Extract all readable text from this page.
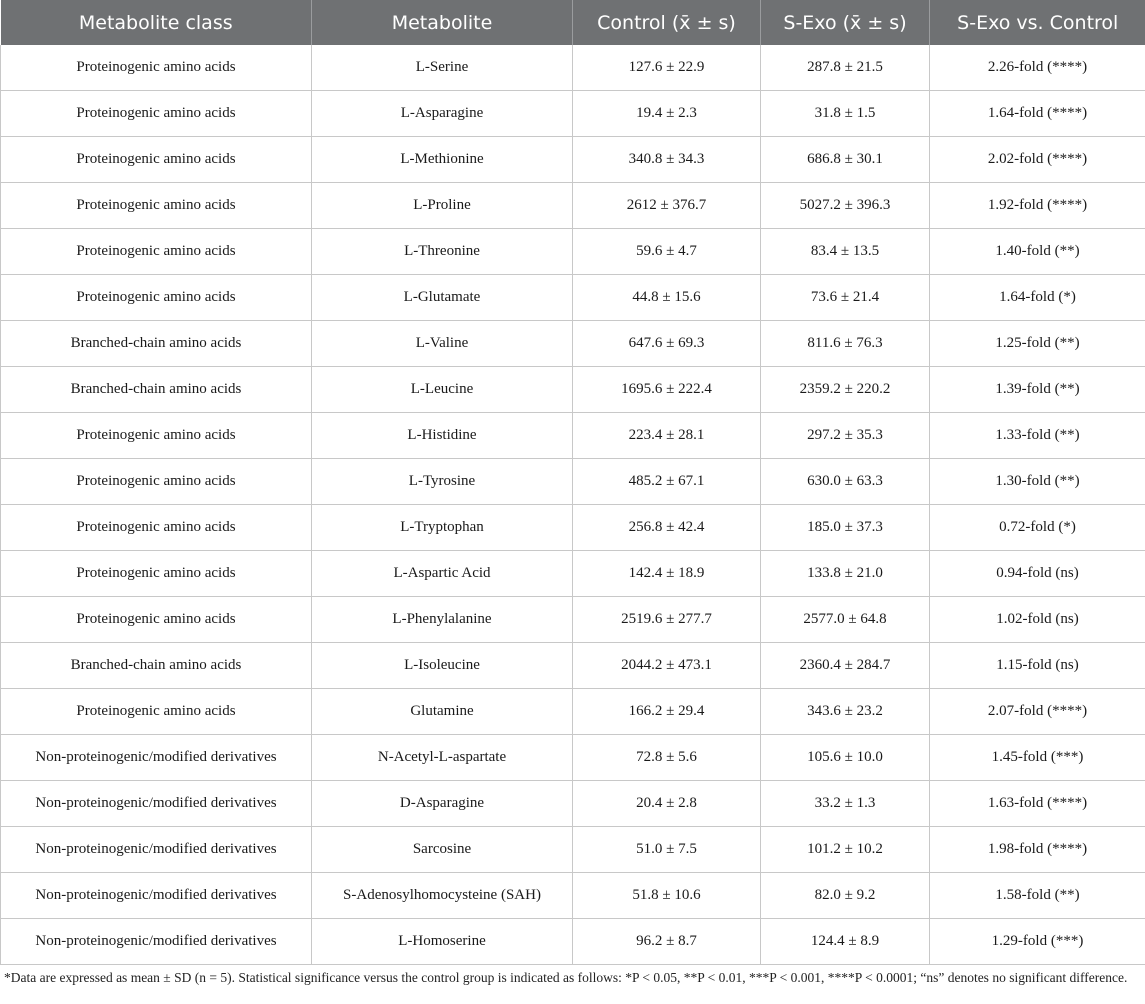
Metabolite class	Metabolite	Control (x̄ ± s)	S-Exo (x̄ ± s)	S-Exo vs. Control
Proteinogenic amino acids	L-Serine	127.6 ± 22.9	287.8 ± 21.5	2.26-fold (****)
Proteinogenic amino acids	L-Asparagine	19.4 ± 2.3	31.8 ± 1.5	1.64-fold (****)
Proteinogenic amino acids	L-Methionine	340.8 ± 34.3	686.8 ± 30.1	2.02-fold (****)
Proteinogenic amino acids	L-Proline	2612 ± 376.7	5027.2 ± 396.3	1.92-fold (****)
Proteinogenic amino acids	L-Threonine	59.6 ± 4.7	83.4 ± 13.5	1.40-fold (**)
Proteinogenic amino acids	L-Glutamate	44.8 ± 15.6	73.6 ± 21.4	1.64-fold (*)
Branched-chain amino acids	L-Valine	647.6 ± 69.3	811.6 ± 76.3	1.25-fold (**)
Branched-chain amino acids	L-Leucine	1695.6 ± 222.4	2359.2 ± 220.2	1.39-fold (**)
Proteinogenic amino acids	L-Histidine	223.4 ± 28.1	297.2 ± 35.3	1.33-fold (**)
Proteinogenic amino acids	L-Tyrosine	485.2 ± 67.1	630.0 ± 63.3	1.30-fold (**)
Proteinogenic amino acids	L-Tryptophan	256.8 ± 42.4	185.0 ± 37.3	0.72-fold (*)
Proteinogenic amino acids	L-Aspartic Acid	142.4 ± 18.9	133.8 ± 21.0	0.94-fold (ns)
Proteinogenic amino acids	L-Phenylalanine	2519.6 ± 277.7	2577.0 ± 64.8	1.02-fold (ns)
Branched-chain amino acids	L-Isoleucine	2044.2 ± 473.1	2360.4 ± 284.7	1.15-fold (ns)
Proteinogenic amino acids	Glutamine	166.2 ± 29.4	343.6 ± 23.2	2.07-fold (****)
Non-proteinogenic/modified derivatives	N-Acetyl-L-aspartate	72.8 ± 5.6	105.6 ± 10.0	1.45-fold (***)
Non-proteinogenic/modified derivatives	D-Asparagine	20.4 ± 2.8	33.2 ± 1.3	1.63-fold (****)
Non-proteinogenic/modified derivatives	Sarcosine	51.0 ± 7.5	101.2 ± 10.2	1.98-fold (****)
Non-proteinogenic/modified derivatives	S-Adenosylhomocysteine (SAH)	51.8 ± 10.6	82.0 ± 9.2	1.58-fold (**)
Non-proteinogenic/modified derivatives	L-Homoserine	96.2 ± 8.7	124.4 ± 8.9	1.29-fold (***)
*Data are expressed as mean ± SD (n = 5). Statistical significance versus the control group is indicated as follows: *P < 0.05, **P < 0.01, ***P < 0.001, ****P < 0.0001; “ns” denotes no significant difference.
